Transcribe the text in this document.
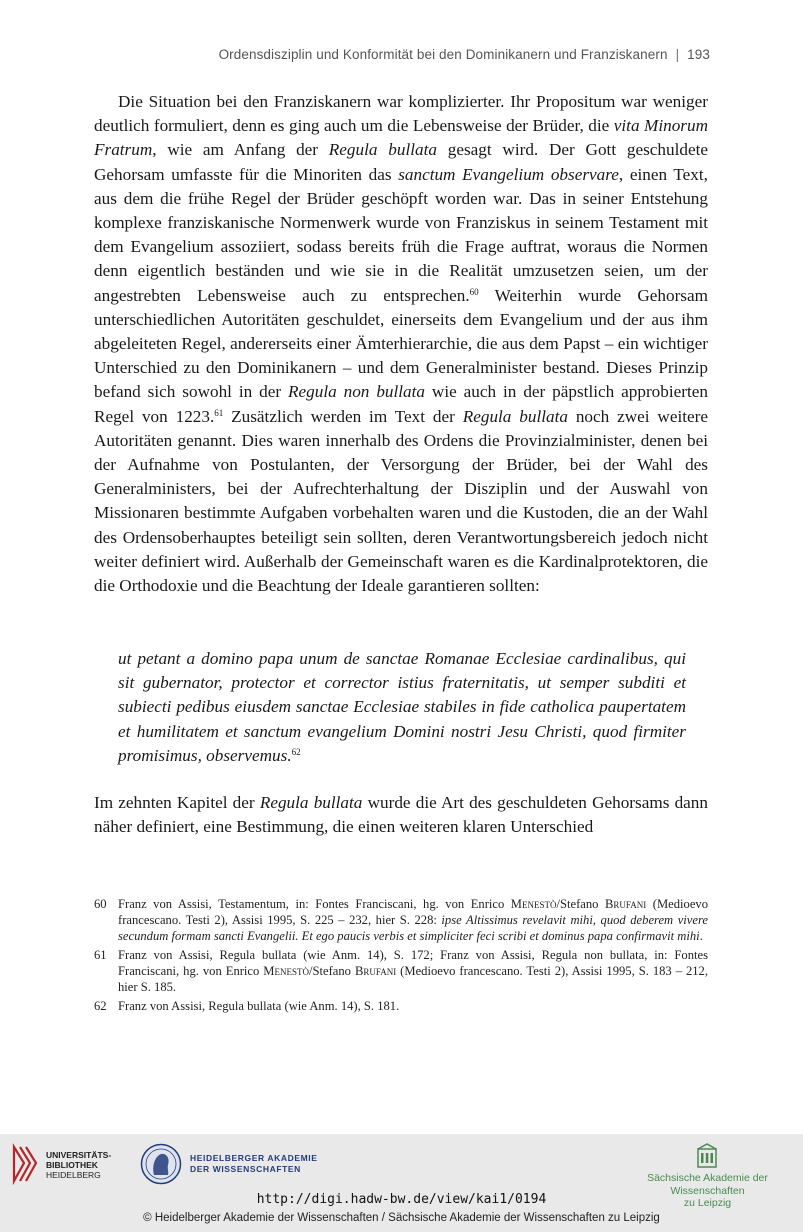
Ordensdisziplin und Konformität bei den Dominikanern und Franziskanern | 193

Die Situation bei den Franziskanern war komplizierter. Ihr Propositum war weniger deutlich formuliert, denn es ging auch um die Lebensweise der Brüder, die vita Minorum Fratrum, wie am Anfang der Regula bullata gesagt wird. Der Gott geschuldete Gehorsam umfasste für die Minoriten das sanctum Evangelium observare, einen Text, aus dem die frühe Regel der Brüder geschöpft worden war. Das in seiner Entstehung komplexe franziskanische Normenwerk wurde von Franziskus in seinem Testament mit dem Evangelium assoziiert, sodass bereits früh die Frage auftrat, woraus die Normen denn eigentlich beständen und wie sie in die Realität umzusetzen seien, um der angestrebten Lebensweise auch zu entsprechen.$^{60}$ Weiterhin wurde Gehorsam unterschiedlichen Autoritäten geschuldet, einerseits dem Evangelium und der aus ihm abgeleiteten Regel, andererseits einer Ämterhierarchie, die aus dem Papst – ein wichtiger Unterschied zu den Dominikanern – und dem Generalminister bestand. Dieses Prinzip befand sich sowohl in der Regula non bullata wie auch in der päpstlich approbierten Regel von 1223.61 Zusätzlich werden im Text der Regula bullata noch zwei weitere Autoritäten genannt. Dies waren innerhalb des Ordens die Provinzialminister, denen bei der Aufnahme von Postulanten, der Versorgung der Brüder, bei der Wahl des Generalministers, bei der Aufrechterhaltung der Disziplin und der Auswahl von Missionaren bestimmte Aufgaben vorbehalten waren und die Kustoden, die an der Wahl des Ordensoberhauptes beteiligt sein sollten, deren Verantwortungsbereich jedoch nicht weiter definiert wird. Außerhalb der Gemeinschaft waren es die Kardinalprotektoren, die die Orthodoxie und die Beachtung der Ideale garantieren sollten:

ut petant a domino papa unum de sanctae Romanae Ecclesiae cardinalibus, qui sit gubernator, protector et corrector istius fraternitatis, ut semper subditi et subiecti pedibus eiusdem sanctae Ecclesiae stabiles in fide catholica paupertatem et humilitatem et sanctum evangelium Domini nostri Jesu Christi, quod firmiter promisimus, observemus.$^{62}$

Im zehnten Kapitel der Regula bullata wurde die Art des geschuldeten Gehorsams dann näher definiert, eine Bestimmung, die einen weiteren klaren Unterschied

60 Franz von Assisi, Testamentum, in: Fontes Franciscani, hg. von Enrico Menestò/Stefano Brufani (Medioevo francescano. Testi 2), Assisi 1995, S. 225 – 232, hier S. 228: ipse Altissimus revelavit mihi, quod deberem vivere secundum formam sancti Evangelii. Et ego paucis verbis et simpliciter feci scribi et dominus papa confirmavit mihi.
61 Franz von Assisi, Regula bullata (wie Anm. 14), S. 172; Franz von Assisi, Regula non bullata, in: Fontes Franciscani, hg. von Enrico Menestò/Stefano Brufani (Medioevo francescano. Testi 2), Assisi 1995, S. 183 – 212, hier S. 185.
62 Franz von Assisi, Regula bullata (wie Anm. 14), S. 181.
UNIVERSITÄTS-
BIBLIOTHEK
HEIDELBERG
HEIDELBERGER AKADEMIE
DER WISSENSCHAFTEN
Sächsische Akademie der Wissenschaften
zu Leipzig
http://digi.hadw-bw.de/view/kai1/0194
© Heidelberger Akademie der Wissenschaften / Sächsische Akademie der Wissenschaften zu Leipzig
